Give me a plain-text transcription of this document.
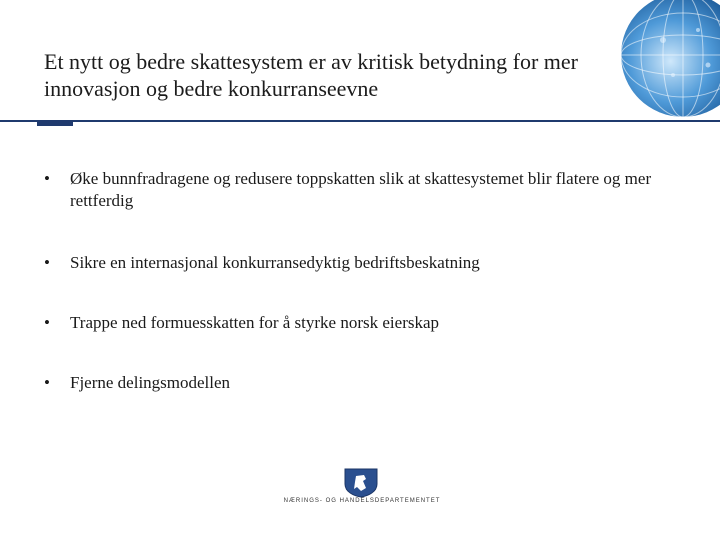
Et nytt og bedre skattesystem er av kritisk betydning for mer innovasjon og bedre konkurranseevne
• Øke bunnfradragene og redusere toppskatten slik at skattesystemet blir flatere og mer rettferdig
• Sikre en internasjonal konkurransedyktig bedriftsbeskatning
• Trappe ned formuesskatten for å styrke norsk eierskap
• Fjerne delingsmodellen
NÆRINGS- OG HANDELSDEPARTEMENTET
